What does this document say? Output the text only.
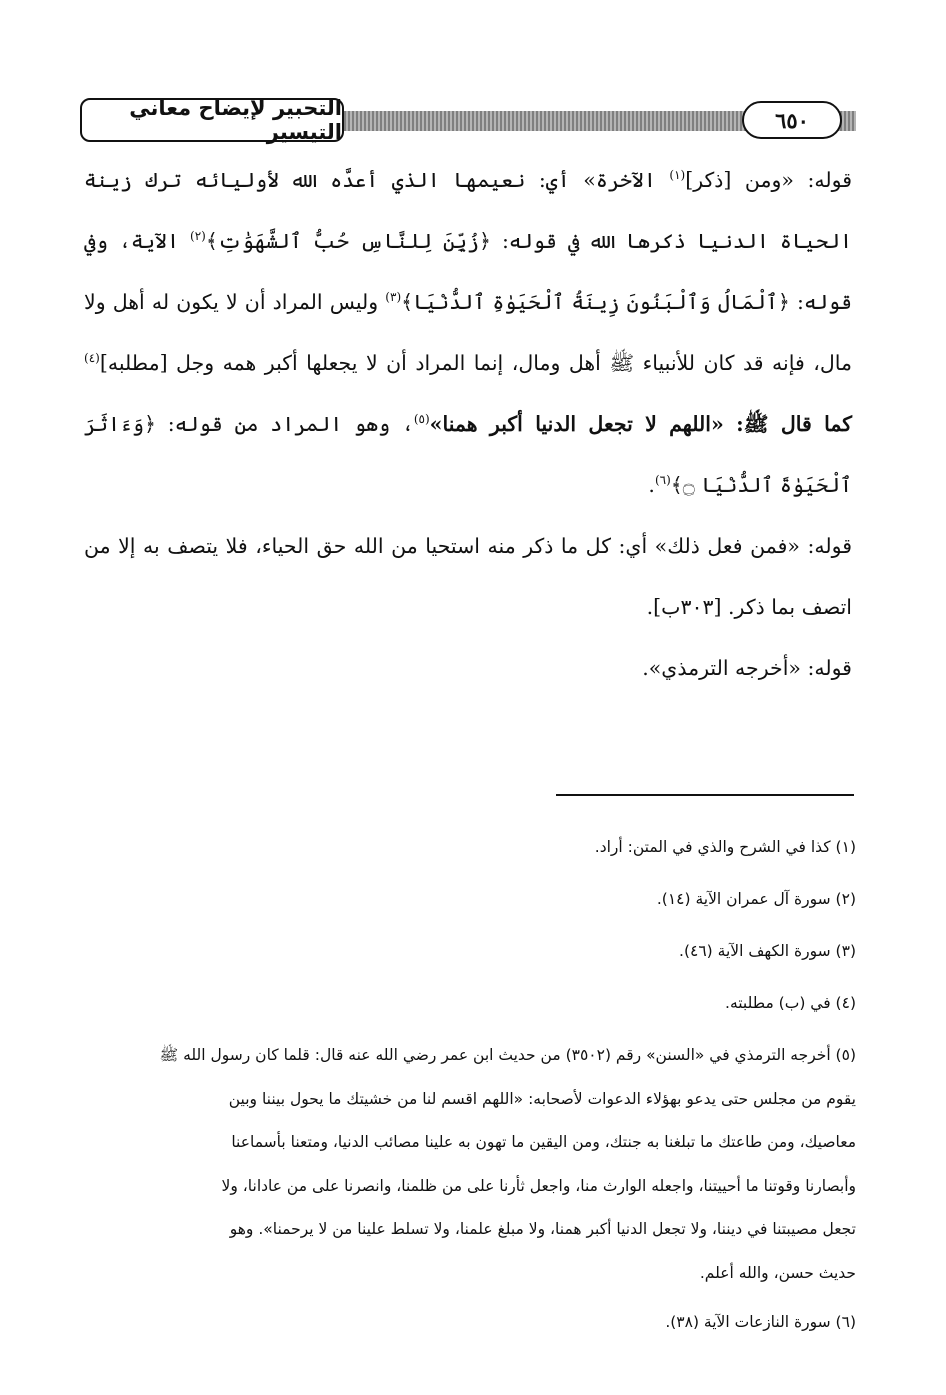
التحبير لإيضاح معاني التيسير	٦٥٠

قوله: «ومن [ذكر]$^{(١)}$ الآخرة» أي: نعيمها الذي أعدَّه الله لأوليائه ترك زينة الحياة الدنيا ذكرها الله في قوله: ﴿زُيِّنَ لِلنَّاسِ حُبُّ ٱلشَّهَوَٰتِ﴾$^{(٢)}$ الآية، وفي قوله: ﴿ٱلْمَالُ وَٱلْبَنُونَ زِينَةُ ٱلْحَيَوٰةِ ٱلدُّنْيَا﴾$^{(٣)}$ وليس المراد أن لا يكون له أهل ولا مال، فإنه قد كان للأنبياء ﷺ أهل ومال، إنما المراد أن لا يجعلها أكبر همه وجل [مطلبه]$^{(٤)}$ كما قال ﷺ: «اللهم لا تجعل الدنيا أكبر همنا»$^{(٥)}$، وهو المراد من قوله: ﴿وَءَاثَرَ ٱلْحَيَوٰةَ ٱلدُّنْيَا ۝﴾$^{(٦)}$.

قوله: «فمن فعل ذلك» أي: كل ما ذكر منه استحيا من الله حق الحياء، فلا يتصف به إلا من اتصف بما ذكر. [٣٠٣ب].

قوله: «أخرجه الترمذي».

(١) كذا في الشرح والذي في المتن: أراد.

(٢) سورة آل عمران الآية (١٤).

(٣) سورة الكهف الآية (٤٦).

(٤) في (ب) مطلبته.

(٥) أخرجه الترمذي في «السنن» رقم (٣٥٠٢) من حديث ابن عمر رضي الله عنه قال: قلما كان رسول الله ﷺ
يقوم من مجلس حتى يدعو بهؤلاء الدعوات لأصحابه: «اللهم اقسم لنا من خشيتك ما يحول بيننا وبين
معاصيك، ومن طاعتك ما تبلغنا به جنتك، ومن اليقين ما تهون به علينا مصائب الدنيا، ومتعنا بأسماعنا
وأبصارنا وقوتنا ما أحييتنا، واجعله الوارث منا، واجعل ثأرنا على من ظلمنا، وانصرنا على من عادانا، ولا
تجعل مصيبتنا في ديننا، ولا تجعل الدنيا أكبر همنا، ولا مبلغ علمنا، ولا تسلط علينا من لا يرحمنا». وهو
حديث حسن، والله أعلم.

(٦) سورة النازعات الآية (٣٨).
